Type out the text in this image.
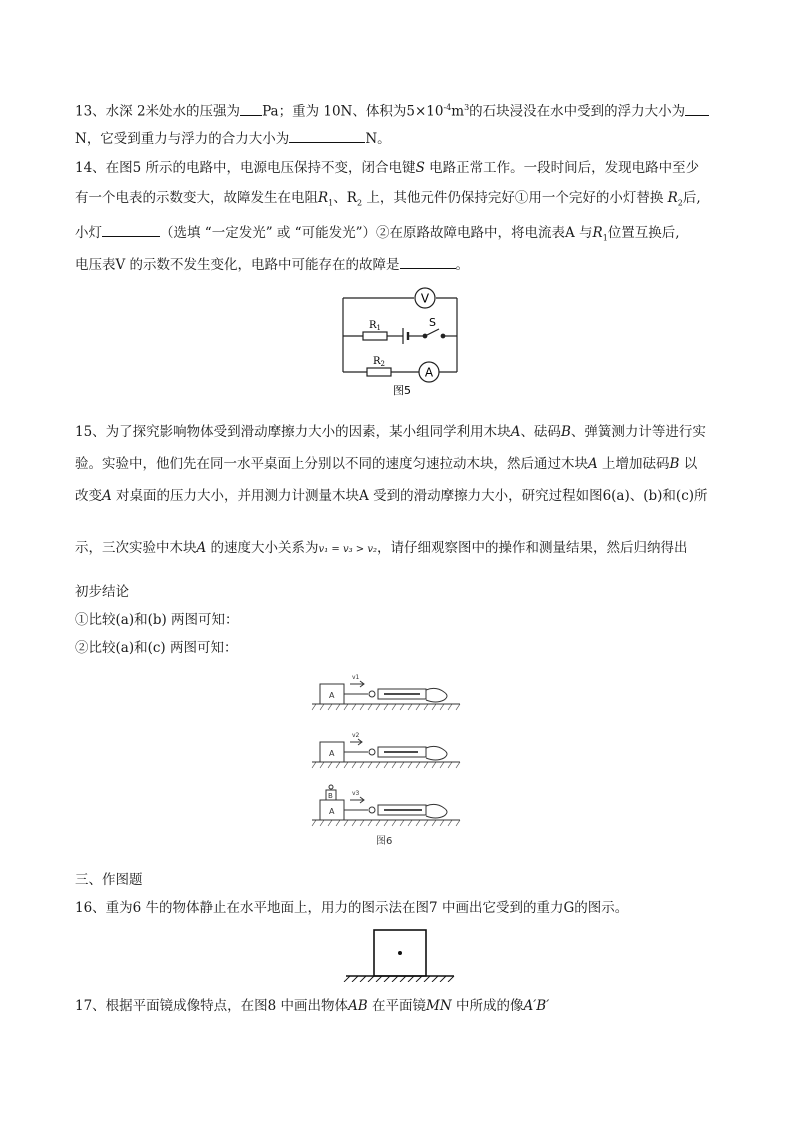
13、水深 2米处水的压强为 Pa；重为 10N、体积为$5\times 10^{-4}m^3$的石块浸没在水中受到的浮力大小为
N，它受到重力与浮力的合力大小为	N。
14、在图5 所示的电路中，电源电压保持不变，闭合电键S 电路正常工作。一段时间后，发现电路中至少
有一个电表的示数变大，故障发生在电阻$R_1$、$R_2$ 上，其他元件仍保持完好①用一个完好的小灯替换 $R_2$后,
小灯	（选填 “一定发光” 或 “可能发光”）②在原路故障电路中，将电流表A 与$R_1$位置互换后,
电压表V 的示数不发生变化，电路中可能存在的故障是	。
V
A
$R_1$
$R_2$
S
图5
15、为了探究影响物体受到滑动摩擦力大小的因素，某小组同学利用木块A、砝码B、弹簧测力计等进行实
验。实验中，他们先在同一水平桌面上分别以不同的速度匀速拉动木块，然后通过木块A 上增加砝码B 以
改变A 对桌面的压力大小，并用测力计测量木块A 受到的滑动摩擦力大小，研究过程如图6(a)、(b)和(c)所
示，三次实验中木块A 的速度大小关系为v₁ = v₃ > v₂，请仔细观察图中的操作和测量结果，然后归纳得出
初步结论
①比较(a)和(b) 两图可知：
②比较(a)和(c) 两图可知：
A
A
A
B
v1
v2
v3
图6
三、作图题
16、重为6 牛的物体静止在水平地面上，用力的图示法在图7 中画出它受到的重力G的图示。
17、根据平面镜成像特点，在图8 中画出物体AB 在平面镜MN 中所成的像A′B′
